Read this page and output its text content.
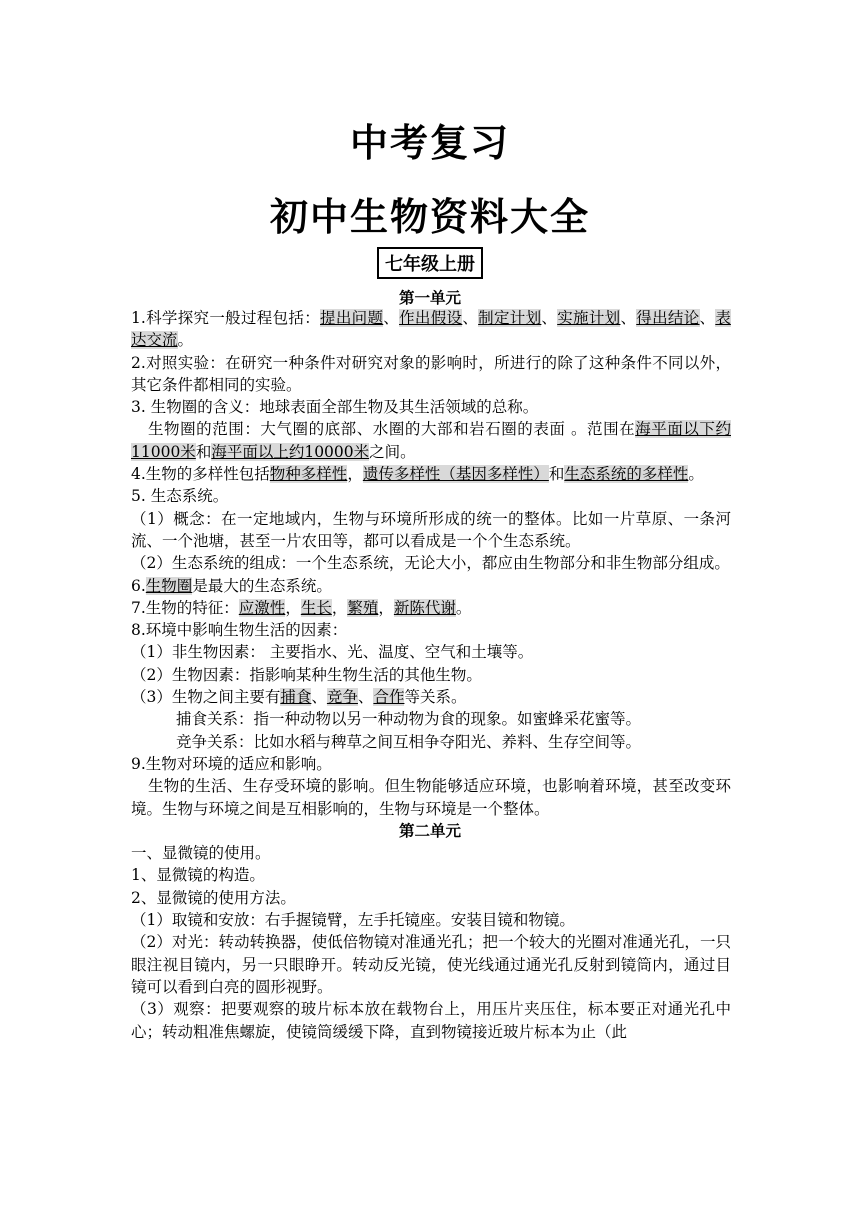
中考复习
初中生物资料大全
七年级上册
第一单元

1.科学探究一般过程包括：提出问题、作出假设、制定计划、实施计划、得出结论、表达交流。

2.对照实验：在研究一种条件对研究对象的影响时，所进行的除了这种条件不同以外，其它条件都相同的实验。

3. 生物圈的含义：地球表面全部生物及其生活领域的总称。

生物圈的范围：大气圈的底部、水圈的大部和岩石圈的表面 。范围在海平面以下约11000米和海平面以上约10000米之间。

4.生物的多样性包括物种多样性，遗传多样性（基因多样性）和生态系统的多样性。

5. 生态系统。

（1）概念：在一定地域内，生物与环境所形成的统一的整体。比如一片草原、一条河流、一个池塘，甚至一片农田等，都可以看成是一个个生态系统。

（2）生态系统的组成：一个生态系统，无论大小，都应由生物部分和非生物部分组成。

6.生物圈是最大的生态系统。

7.生物的特征：应激性，生长，繁殖，新陈代谢。

8.环境中影响生物生活的因素：

（1）非生物因素： 主要指水、光、温度、空气和土壤等。

（2）生物因素：指影响某种生物生活的其他生物。

（3）生物之间主要有捕食、竞争、合作等关系。

捕食关系：指一种动物以另一种动物为食的现象。如蜜蜂采花蜜等。

竞争关系：比如水稻与稗草之间互相争夺阳光、养料、生存空间等。

9.生物对环境的适应和影响。

生物的生活、生存受环境的影响。但生物能够适应环境，也影响着环境，甚至改变环境。生物与环境之间是互相影响的，生物与环境是一个整体。

第二单元

一、显微镜的使用。

1、显微镜的构造。

2、显微镜的使用方法。

（1）取镜和安放：右手握镜臂，左手托镜座。安装目镜和物镜。

（2）对光：转动转换器，使低倍物镜对准通光孔；把一个较大的光圈对准通光孔，一只眼注视目镜内，另一只眼睁开。转动反光镜，使光线通过通光孔反射到镜筒内，通过目镜可以看到白亮的圆形视野。

（3）观察：把要观察的玻片标本放在载物台上，用压片夹压住，标本要正对通光孔中心；转动粗准焦螺旋，使镜筒缓缓下降，直到物镜接近玻片标本为止（此
